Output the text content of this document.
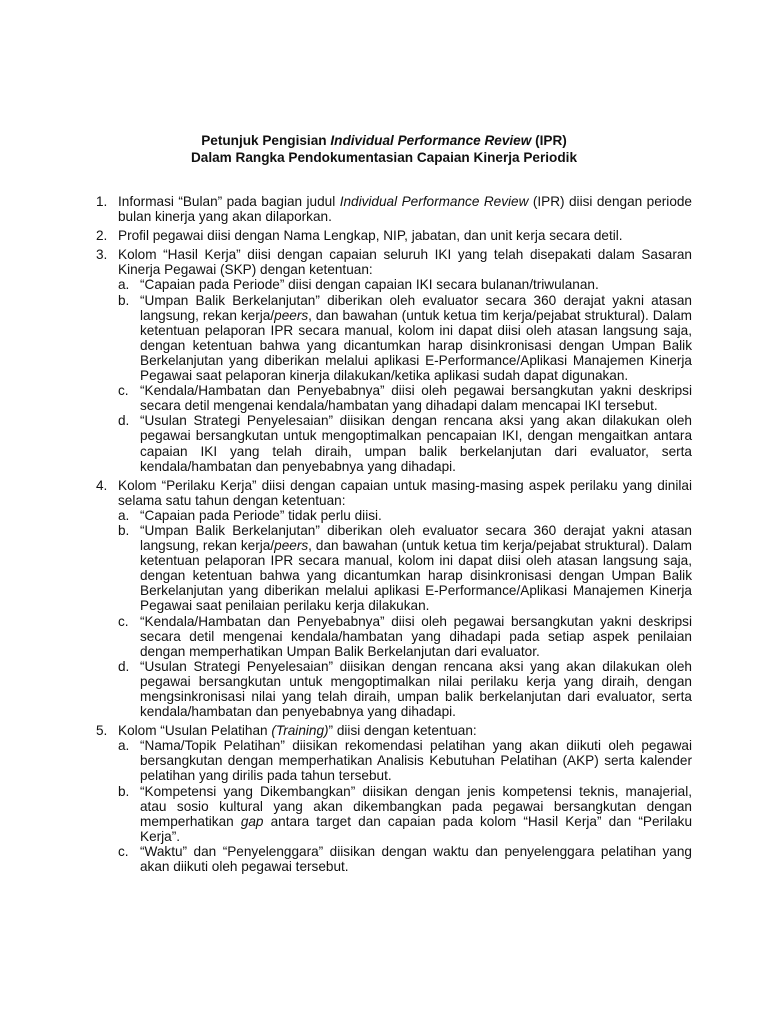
Petunjuk Pengisian Individual Performance Review (IPR)
Dalam Rangka Pendokumentasian Capaian Kinerja Periodik
1. Informasi “Bulan” pada bagian judul Individual Performance Review (IPR) diisi dengan periode bulan kinerja yang akan dilaporkan.
2. Profil pegawai diisi dengan Nama Lengkap, NIP, jabatan, dan unit kerja secara detil.
3. Kolom “Hasil Kerja” diisi dengan capaian seluruh IKI yang telah disepakati dalam Sasaran Kinerja Pegawai (SKP) dengan ketentuan:
a. “Capaian pada Periode” diisi dengan capaian IKI secara bulanan/triwulanan.
b. “Umpan Balik Berkelanjutan” diberikan oleh evaluator secara 360 derajat yakni atasan langsung, rekan kerja/peers, dan bawahan (untuk ketua tim kerja/pejabat struktural). Dalam ketentuan pelaporan IPR secara manual, kolom ini dapat diisi oleh atasan langsung saja, dengan ketentuan bahwa yang dicantumkan harap disinkronisasi dengan Umpan Balik Berkelanjutan yang diberikan melalui aplikasi E-Performance/Aplikasi Manajemen Kinerja Pegawai saat pelaporan kinerja dilakukan/ketika aplikasi sudah dapat digunakan.
c. “Kendala/Hambatan dan Penyebabnya” diisi oleh pegawai bersangkutan yakni deskripsi secara detil mengenai kendala/hambatan yang dihadapi dalam mencapai IKI tersebut.
d. “Usulan Strategi Penyelesaian” diisikan dengan rencana aksi yang akan dilakukan oleh pegawai bersangkutan untuk mengoptimalkan pencapaian IKI, dengan mengaitkan antara capaian IKI yang telah diraih, umpan balik berkelanjutan dari evaluator, serta kendala/hambatan dan penyebabnya yang dihadapi.
4. Kolom “Perilaku Kerja” diisi dengan capaian untuk masing-masing aspek perilaku yang dinilai selama satu tahun dengan ketentuan:
a. “Capaian pada Periode” tidak perlu diisi.
b. “Umpan Balik Berkelanjutan” diberikan oleh evaluator secara 360 derajat yakni atasan langsung, rekan kerja/peers, dan bawahan (untuk ketua tim kerja/pejabat struktural). Dalam ketentuan pelaporan IPR secara manual, kolom ini dapat diisi oleh atasan langsung saja, dengan ketentuan bahwa yang dicantumkan harap disinkronisasi dengan Umpan Balik Berkelanjutan yang diberikan melalui aplikasi E-Performance/Aplikasi Manajemen Kinerja Pegawai saat penilaian perilaku kerja dilakukan.
c. “Kendala/Hambatan dan Penyebabnya” diisi oleh pegawai bersangkutan yakni deskripsi secara detil mengenai kendala/hambatan yang dihadapi pada setiap aspek penilaian dengan memperhatikan Umpan Balik Berkelanjutan dari evaluator.
d. “Usulan Strategi Penyelesaian” diisikan dengan rencana aksi yang akan dilakukan oleh pegawai bersangkutan untuk mengoptimalkan nilai perilaku kerja yang diraih, dengan mengsinkronisasi nilai yang telah diraih, umpan balik berkelanjutan dari evaluator, serta kendala/hambatan dan penyebabnya yang dihadapi.
5. Kolom “Usulan Pelatihan (Training)” diisi dengan ketentuan:
a. “Nama/Topik Pelatihan” diisikan rekomendasi pelatihan yang akan diikuti oleh pegawai bersangkutan dengan memperhatikan Analisis Kebutuhan Pelatihan (AKP) serta kalender pelatihan yang dirilis pada tahun tersebut.
b. “Kompetensi yang Dikembangkan” diisikan dengan jenis kompetensi teknis, manajerial, atau sosio kultural yang akan dikembangkan pada pegawai bersangkutan dengan memperhatikan gap antara target dan capaian pada kolom “Hasil Kerja” dan “Perilaku Kerja”.
c. “Waktu” dan “Penyelenggara” diisikan dengan waktu dan penyelenggara pelatihan yang akan diikuti oleh pegawai tersebut.
